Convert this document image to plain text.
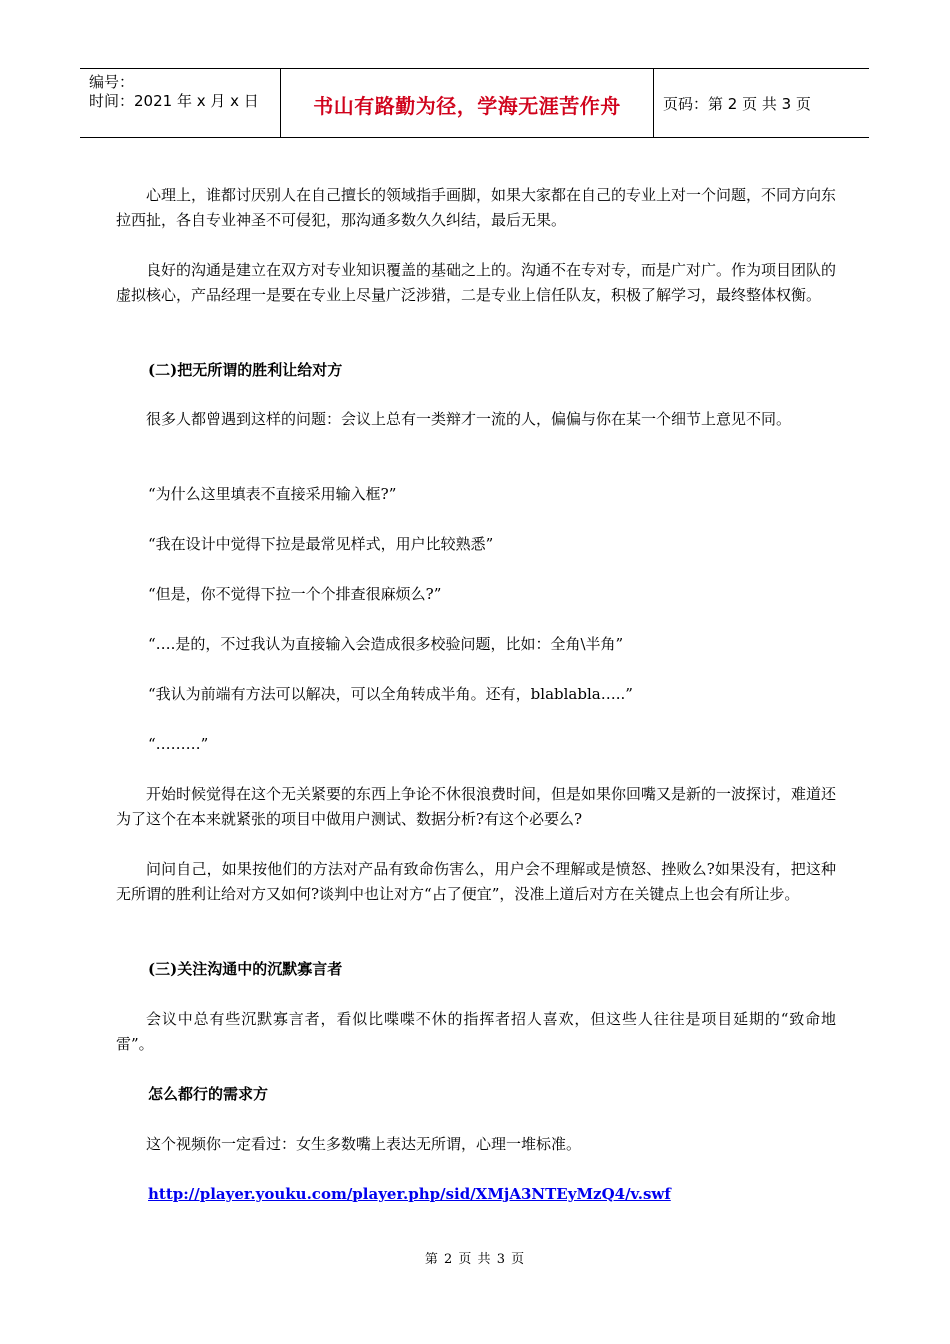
编号：
时间：2021 年 x 月 x 日	书山有路勤为径，学海无涯苦作舟	页码：第 2 页 共 3 页
心理上，谁都讨厌别人在自己擅长的领域指手画脚，如果大家都在自己的专业上对一个问题，不同方向东拉西扯，各自专业神圣不可侵犯，那沟通多数久久纠结，最后无果。
良好的沟通是建立在双方对专业知识覆盖的基础之上的。沟通不在专对专，而是广对广。作为项目团队的虚拟核心，产品经理一是要在专业上尽量广泛涉猎，二是专业上信任队友，积极了解学习，最终整体权衡。
(二)把无所谓的胜利让给对方
很多人都曾遇到这样的问题：会议上总有一类辩才一流的人，偏偏与你在某一个细节上意见不同。
“为什么这里填表不直接采用输入框?”
“我在设计中觉得下拉是最常见样式，用户比较熟悉”
“但是，你不觉得下拉一个个排查很麻烦么?”
“….是的，不过我认为直接输入会造成很多校验问题，比如：全角\半角”
“我认为前端有方法可以解决，可以全角转成半角。还有，blablabla…..”
“………”
开始时候觉得在这个无关紧要的东西上争论不休很浪费时间，但是如果你回嘴又是新的一波探讨，难道还为了这个在本来就紧张的项目中做用户测试、数据分析?有这个必要么?
问问自己，如果按他们的方法对产品有致命伤害么，用户会不理解或是愤怒、挫败么?如果没有，把这种无所谓的胜利让给对方又如何?谈判中也让对方“占了便宜”，没准上道后对方在关键点上也会有所让步。
(三)关注沟通中的沉默寡言者
会议中总有些沉默寡言者，看似比喋喋不休的指挥者招人喜欢，但这些人往往是项目延期的“致命地雷”。
怎么都行的需求方
这个视频你一定看过：女生多数嘴上表达无所谓，心理一堆标准。
http://player.youku.com/player.php/sid/XMjA3NTEyMzQ4/v.swf
第 2 页 共 3 页
